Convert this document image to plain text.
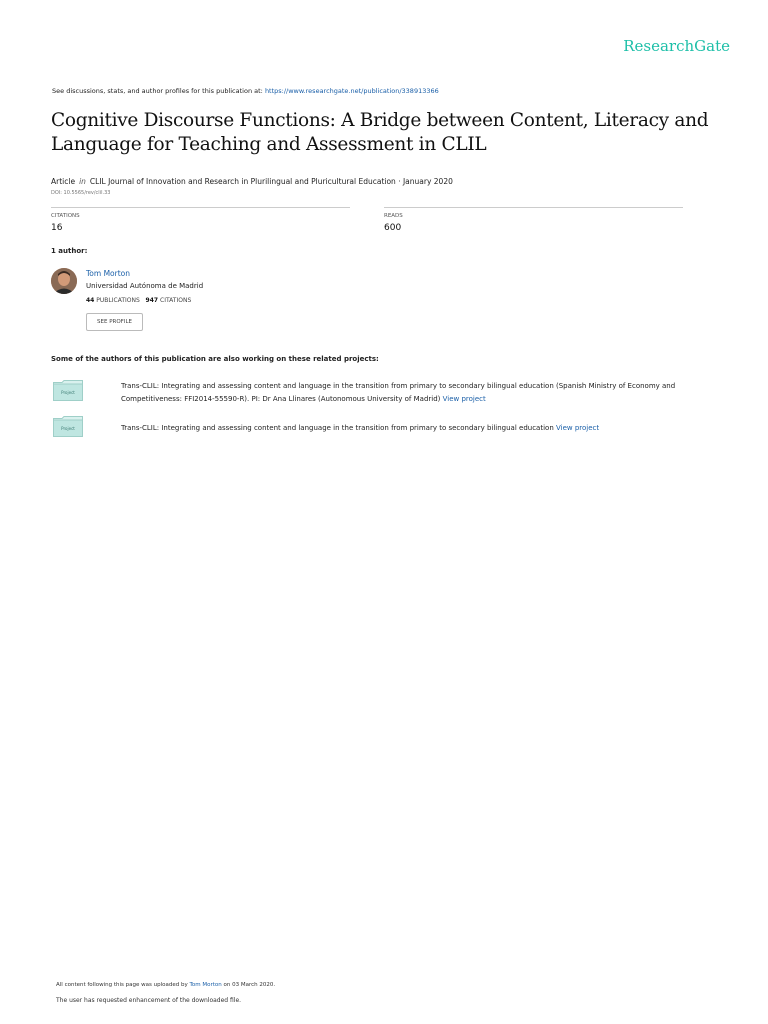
ResearchGate
See discussions, stats, and author profiles for this publication at: https://www.researchgate.net/publication/338913366
Cognitive Discourse Functions: A Bridge between Content, Literacy and Language for Teaching and Assessment in CLIL
Article in CLIL Journal of Innovation and Research in Plurilingual and Pluricultural Education · January 2020
DOI: 10.5565/rev/clil.33
CITATIONS
16
READS
600
1 author:
Tom Morton
Universidad Autónoma de Madrid
44 PUBLICATIONS 947 CITATIONS
SEE PROFILE
Some of the authors of this publication are also working on these related projects:
Project
Trans-CLIL: Integrating and assessing content and language in the transition from primary to secondary bilingual education (Spanish Ministry of Economy and Competitiveness: FFI2014-55590-R). PI: Dr Ana Llinares (Autonomous University of Madrid) View project
Project	Trans-CLIL: Integrating and assessing content and language in the transition from primary to secondary bilingual education View project
All content following this page was uploaded by Tom Morton on 03 March 2020.
The user has requested enhancement of the downloaded file.
